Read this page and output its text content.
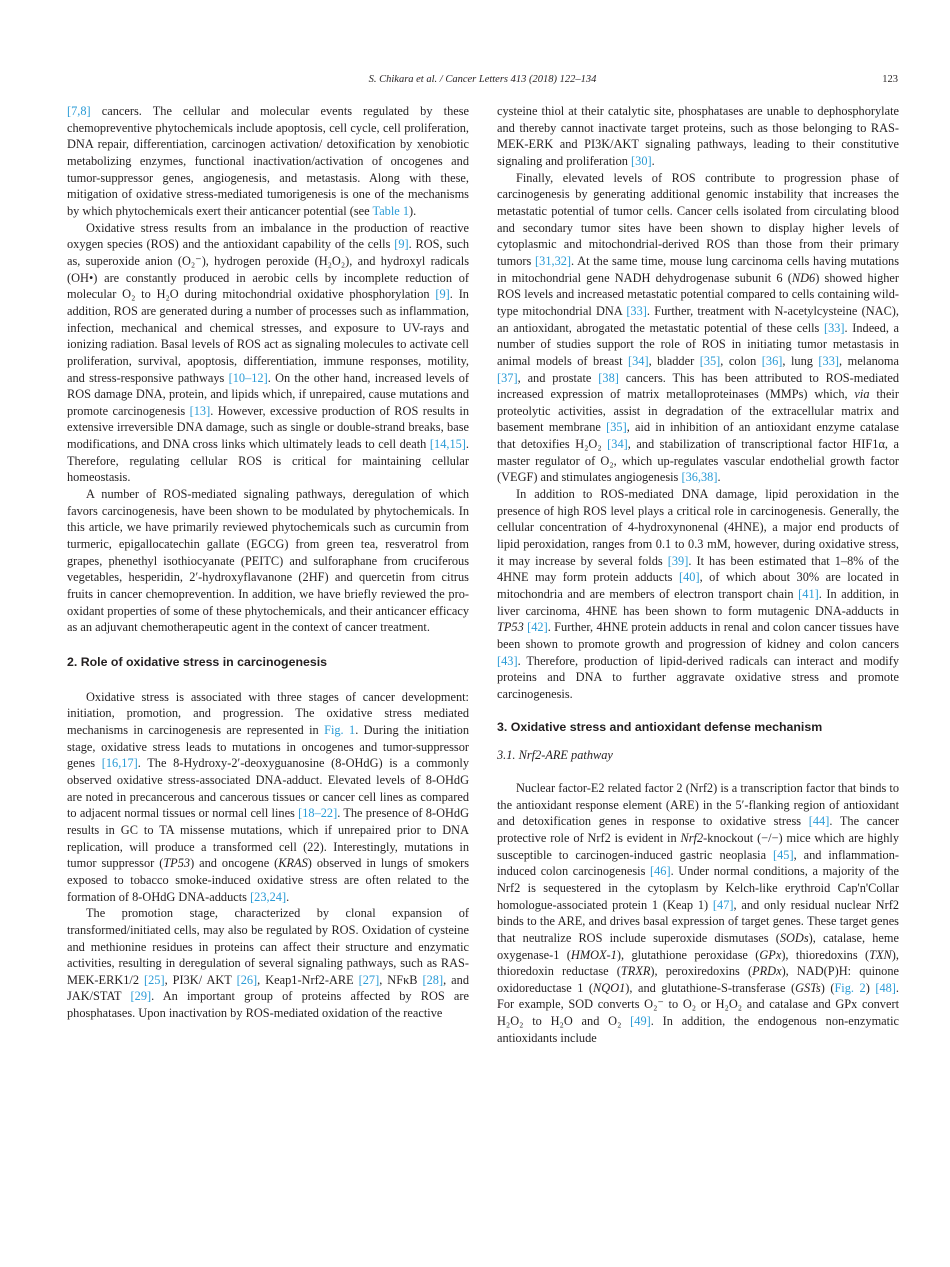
S. Chikara et al. / Cancer Letters 413 (2018) 122–134	123

[7,8] cancers. The cellular and molecular events regulated by these chemopreventive phytochemicals include apoptosis, cell cycle, cell proliferation, DNA repair, differentiation, carcinogen activation/ detoxification by xenobiotic metabolizing enzymes, functional inactivation/activation of oncogenes and tumor-suppressor genes, angiogenesis, and metastasis. Along with these, mitigation of oxidative stress-mediated tumorigenesis is one of the mechanisms by which phytochemicals exert their anticancer potential (see Table 1).

Oxidative stress results from an imbalance in the production of reactive oxygen species (ROS) and the antioxidant capability of the cells [9]. ROS, such as, superoxide anion (O₂⁻), hydrogen peroxide (H₂O₂), and hydroxyl radicals (OH•) are constantly produced in aerobic cells by incomplete reduction of molecular O₂ to H₂O during mitochondrial oxidative phosphorylation [9]. In addition, ROS are generated during a number of processes such as inflammation, infection, mechanical and chemical stresses, and exposure to UV-rays and ionizing radiation. Basal levels of ROS act as signaling molecules to activate cell proliferation, survival, apoptosis, differentiation, immune responses, motility, and stress-responsive pathways [10–12]. On the other hand, increased levels of ROS damage DNA, protein, and lipids which, if unrepaired, cause mutations and promote carcinogenesis [13]. However, excessive production of ROS results in extensive irreversible DNA damage, such as single or double-strand breaks, base modifications, and DNA cross links which ultimately leads to cell death [14,15]. Therefore, regulating cellular ROS is critical for maintaining cellular homeostasis.

A number of ROS-mediated signaling pathways, deregulation of which favors carcinogenesis, have been shown to be modulated by phytochemicals. In this article, we have primarily reviewed phytochemicals such as curcumin from turmeric, epigallocatechin gallate (EGCG) from green tea, resveratrol from grapes, phenethyl isothiocyanate (PEITC) and sulforaphane from cruciferous vegetables, hesperidin, 2′-hydroxyflavanone (2HF) and quercetin from citrus fruits in cancer chemoprevention. In addition, we have briefly reviewed the pro-oxidant properties of some of these phytochemicals, and their anticancer efficacy as an adjuvant chemotherapeutic agent in the context of cancer treatment.

2. Role of oxidative stress in carcinogenesis

Oxidative stress is associated with three stages of cancer development: initiation, promotion, and progression. The oxidative stress mediated mechanisms in carcinogenesis are represented in Fig. 1. During the initiation stage, oxidative stress leads to mutations in oncogenes and tumor-suppressor genes [16,17]. The 8-Hydroxy-2′-deoxyguanosine (8-OHdG) is a commonly observed oxidative stress-associated DNA-adduct. Elevated levels of 8-OHdG are noted in precancerous and cancerous tissues or cancer cell lines as compared to adjacent normal tissues or normal cell lines [18–22]. The presence of 8-OHdG results in GC to TA missense mutations, which if unrepaired prior to DNA replication, will produce a transformed cell (22). Interestingly, mutations in tumor suppressor (TP53) and oncogene (KRAS) observed in lungs of smokers exposed to tobacco smoke-induced oxidative stress are often related to the formation of 8-OHdG DNA-adducts [23,24].

The promotion stage, characterized by clonal expansion of transformed/initiated cells, may also be regulated by ROS. Oxidation of cysteine and methionine residues in proteins can affect their structure and enzymatic activities, resulting in deregulation of several signaling pathways, such as RAS-MEK-ERK1/2 [25], PI3K/ AKT [26], Keap1-Nrf2-ARE [27], NFκB [28], and JAK/STAT [29]. An important group of proteins affected by ROS are phosphatases. Upon inactivation by ROS-mediated oxidation of the reactive

cysteine thiol at their catalytic site, phosphatases are unable to dephosphorylate and thereby cannot inactivate target proteins, such as those belonging to RAS-MEK-ERK and PI3K/AKT signaling pathways, leading to their constitutive signaling and proliferation [30].

Finally, elevated levels of ROS contribute to progression phase of carcinogenesis by generating additional genomic instability that increases the metastatic potential of tumor cells. Cancer cells isolated from circulating blood and secondary tumor sites have been shown to display higher levels of cytoplasmic and mitochondrial-derived ROS than those from their primary tumors [31,32]. At the same time, mouse lung carcinoma cells having mutations in mitochondrial gene NADH dehydrogenase subunit 6 (ND6) showed higher ROS levels and increased metastatic potential compared to cells containing wild-type mitochondrial DNA [33]. Further, treatment with N-acetylcysteine (NAC), an antioxidant, abrogated the metastatic potential of these cells [33]. Indeed, a number of studies support the role of ROS in initiating tumor metastasis in animal models of breast [34], bladder [35], colon [36], lung [33], melanoma [37], and prostate [38] cancers. This has been attributed to ROS-mediated increased expression of matrix metalloproteinases (MMPs) which, via their proteolytic activities, assist in degradation of the extracellular matrix and basement membrane [35], aid in inhibition of an antioxidant enzyme catalase that detoxifies H₂O₂ [34], and stabilization of transcriptional factor HIF1α, a master regulator of O₂, which up-regulates vascular endothelial growth factor (VEGF) and stimulates angiogenesis [36,38].

In addition to ROS-mediated DNA damage, lipid peroxidation in the presence of high ROS level plays a critical role in carcinogenesis. Generally, the cellular concentration of 4-hydroxynonenal (4HNE), a major end products of lipid peroxidation, ranges from 0.1 to 0.3 mM, however, during oxidative stress, it may increase by several folds [39]. It has been estimated that 1–8% of the 4HNE may form protein adducts [40], of which about 30% are located in mitochondria and are members of electron transport chain [41]. In addition, in liver carcinoma, 4HNE has been shown to form mutagenic DNA-adducts in TP53 [42]. Further, 4HNE protein adducts in renal and colon cancer tissues have been shown to promote growth and progression of kidney and colon cancers [43]. Therefore, production of lipid-derived radicals can interact and modify proteins and DNA to further aggravate oxidative stress and promote carcinogenesis.

3. Oxidative stress and antioxidant defense mechanism
3.1. Nrf2-ARE pathway

Nuclear factor-E2 related factor 2 (Nrf2) is a transcription factor that binds to the antioxidant response element (ARE) in the 5′-flanking region of antioxidant and detoxification genes in response to oxidative stress [44]. The cancer protective role of Nrf2 is evident in Nrf2-knockout (−/−) mice which are highly susceptible to carcinogen-induced gastric neoplasia [45], and inflammation-induced colon carcinogenesis [46]. Under normal conditions, a majority of the Nrf2 is sequestered in the cytoplasm by Kelch-like erythroid Cap'n'Collar homologue-associated protein 1 (Keap 1) [47], and only residual nuclear Nrf2 binds to the ARE, and drives basal expression of target genes. These target genes that neutralize ROS include superoxide dismutases (SODs), catalase, heme oxygenase-1 (HMOX-1), glutathione peroxidase (GPx), thioredoxins (TXN), thioredoxin reductase (TRXR), peroxiredoxins (PRDx), NAD(P)H: quinone oxidoreductase 1 (NQO1), and glutathione-S-transferase (GSTs) (Fig. 2) [48]. For example, SOD converts O₂⁻ to O₂ or H₂O₂ and catalase and GPx convert H₂O₂ to H₂O and O₂ [49]. In addition, the endogenous non-enzymatic antioxidants include
